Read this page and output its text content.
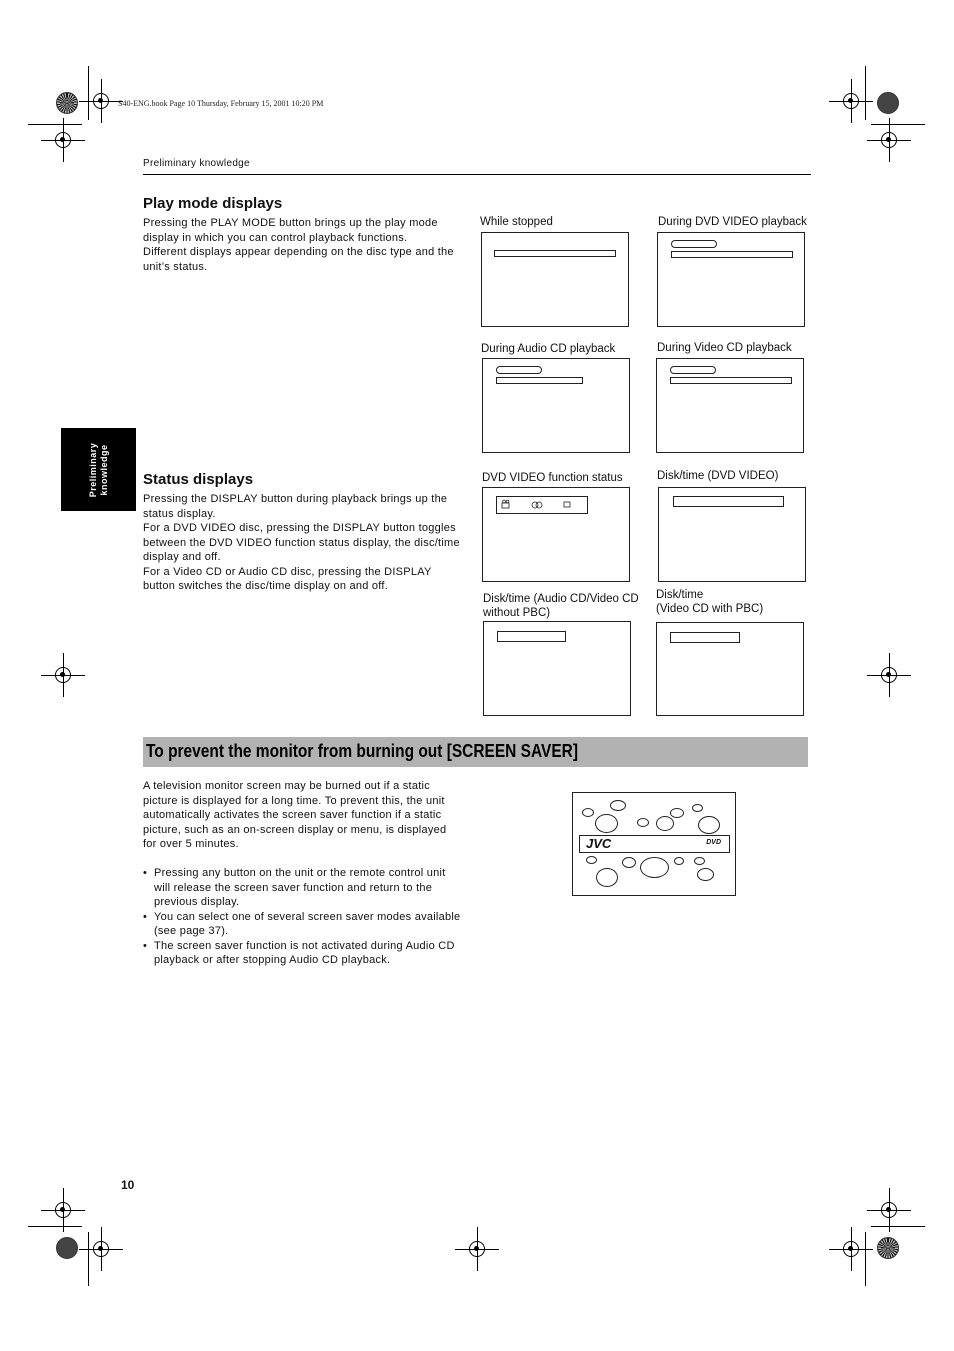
S40-ENG.book Page 10 Thursday, February 15, 2001 10:20 PM
Preliminary knowledge
Preliminary knowledge
Play mode displays

Pressing the PLAY MODE button brings up the play mode display in which you can control playback functions.

Different displays appear depending on the disc type and the unit’s status.

While stopped	During DVD VIDEO playback
During Audio CD playback	During Video CD playback
Status displays

Pressing the DISPLAY button during playback brings up the status display.

For a DVD VIDEO disc, pressing the DISPLAY button toggles between the DVD VIDEO function status display, the disc/time display and off.

For a Video CD or Audio CD disc, pressing the DISPLAY button switches the disc/time display on and off.

DVD VIDEO function status	Disk/time (DVD VIDEO)
Disk/time (Audio CD/Video CD
without PBC)
Disk/time
(Video CD with PBC)
To prevent the monitor from burning out [SCREEN SAVER]

A television monitor screen may be burned out if a static picture is displayed for a long time. To prevent this, the unit automatically activates the screen saver function if a static picture, such as an on-screen display or menu, is displayed for over 5 minutes.

• Pressing any button on the unit or the remote control unit will release the screen saver function and return to the previous display.
• You can select one of several screen saver modes available (see page 37).
• The screen saver function is not activated during Audio CD playback or after stopping Audio CD playback.
JVC	DVD
10
